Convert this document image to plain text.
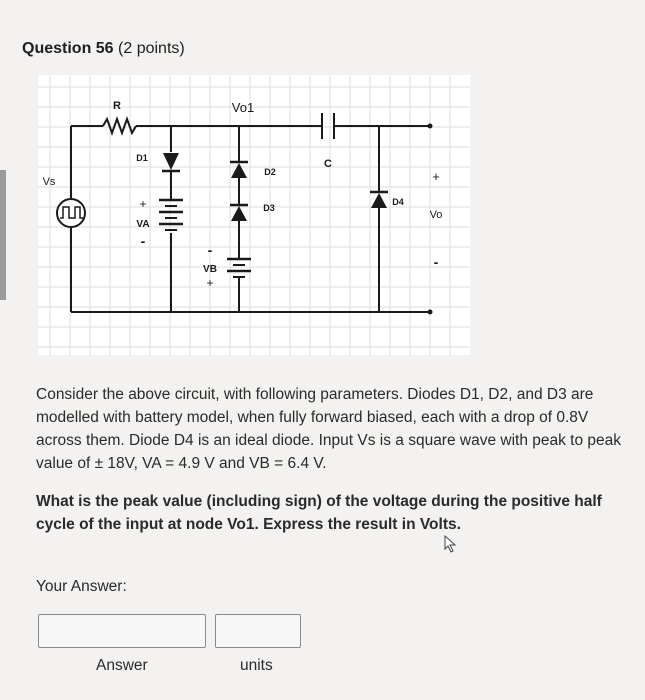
Question 56 (2 points)
R	Vo1
C
D1
D2
D3
D4
Vs
+
VA
-
-
VB
+
+
Vo
-
Consider the above circuit, with following parameters. Diodes D1, D2, and D3 are modelled with battery model, when fully forward biased, each with a drop of 0.8V across them. Diode D4 is an ideal diode. Input Vs is a square wave with peak to peak value of ± 18V, VA = 4.9 V and VB = 6.4 V.
What is the peak value (including sign) of the voltage during the positive half cycle of the input at node Vo1. Express the result in Volts.
Your Answer:
Answer	units
